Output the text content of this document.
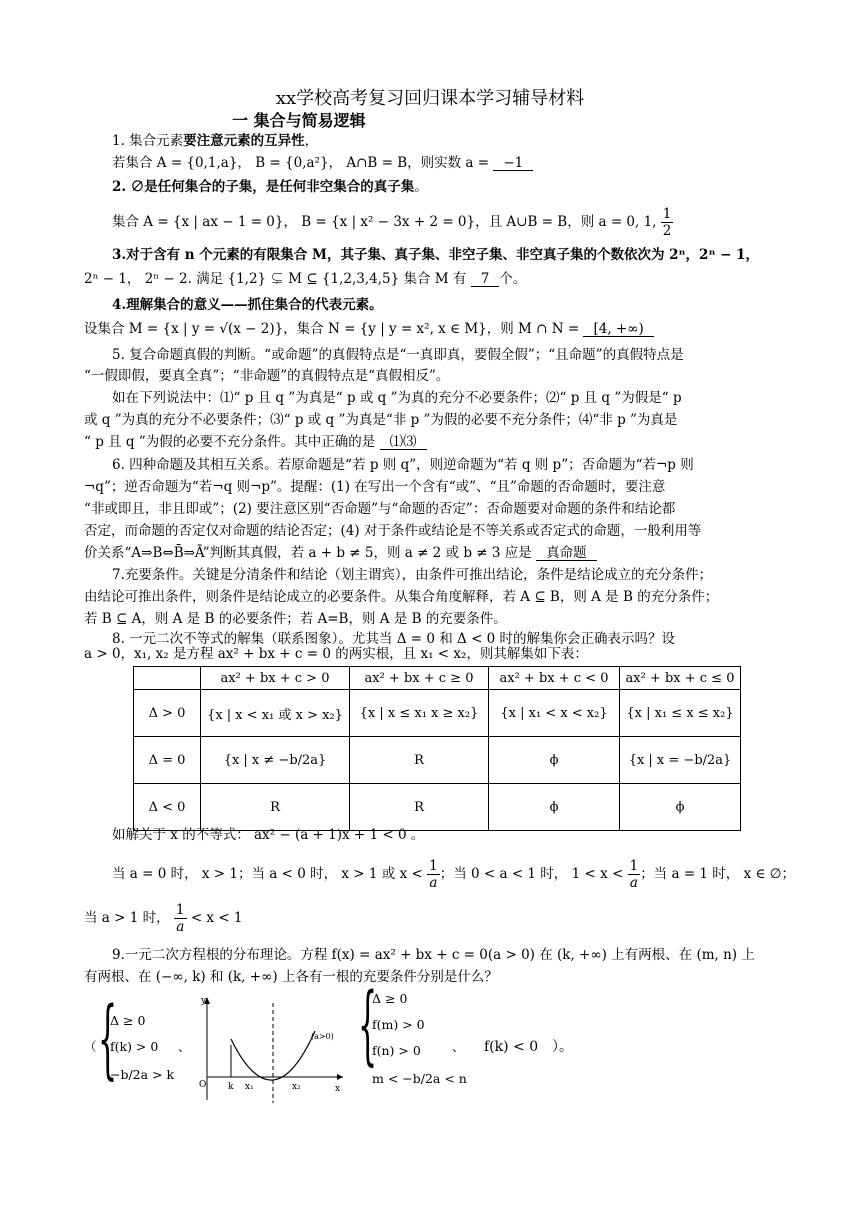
xx学校高考复习回归课本学习辅导材料
一 集合与简易逻辑
1. 集合元素要注意元素的互异性，
若集合 A = {0,1,a}， B = {0,a²}， A∩B = B，则实数 a = −1
2. ∅是任何集合的子集，是任何非空集合的真子集。
集合 A = {x | ax − 1 = 0}， B = {x | x² − 3x + 2 = 0}，且 A∪B = B，则 a = 0, 1, $\frac{1}{2}$
3.对于含有 n 个元素的有限集合 M，其子集、真子集、非空子集、非空真子集的个数依次为 2ⁿ，2ⁿ − 1，
2ⁿ − 1， 2ⁿ − 2. 满足 {1,2} ⊊ M ⊆ {1,2,3,4,5} 集合 M 有 7 个。
4.理解集合的意义——抓住集合的代表元素。
设集合 M = {x | y = √(x − 2)}，集合 N = {y | y = x², x ∈ M}，则 M ∩ N = [4, +∞)
5. 复合命题真假的判断。“或命题”的真假特点是“一真即真，要假全假”；“且命题”的真假特点是
“一假即假，要真全真”；“非命题”的真假特点是“真假相反”。
如在下列说法中：⑴“ p 且 q ”为真是“ p 或 q ”为真的充分不必要条件；⑵“ p 且 q ”为假是“ p
或 q ”为真的充分不必要条件；⑶“ p 或 q ”为真是“非 p ”为假的必要不充分条件；⑷“非 p ”为真是
“ p 且 q ”为假的必要不充分条件。其中正确的是 ⑴⑶
6. 四种命题及其相互关系。若原命题是“若 p 则 q”，则逆命题为“若 q 则 p”；否命题为“若¬p 则
¬q”；逆否命题为“若¬q 则¬p”。提醒：(1) 在写出一个含有“或”、“且”命题的否命题时，要注意
“非或即且，非且即或”；(2) 要注意区别“否命题”与“命题的否定”：否命题要对命题的条件和结论都
否定，而命题的否定仅对命题的结论否定；(4) 对于条件或结论是不等关系或否定式的命题，一般利用等
价关系“A⇒B⇔B̄⇒Ā”判断其真假，若 a + b ≠ 5，则 a ≠ 2 或 b ≠ 3 应是 真命题
7.充要条件。关键是分清条件和结论（划主谓宾），由条件可推出结论，条件是结论成立的充分条件；
由结论可推出条件，则条件是结论成立的必要条件。从集合角度解释，若 A ⊆ B，则 A 是 B 的充分条件；
若 B ⊆ A，则 A 是 B 的必要条件；若 A=B，则 A 是 B 的充要条件。
8. 一元二次不等式的解集（联系图象）。尤其当 Δ = 0 和 Δ < 0 时的解集你会正确表示吗？设
a > 0，x₁, x₂ 是方程 ax² + bx + c = 0 的两实根，且 x₁ < x₂，则其解集如下表：
	ax² + bx + c > 0	ax² + bx + c ≥ 0	ax² + bx + c < 0	ax² + bx + c ≤ 0
Δ > 0	{x | x < x₁ 或 x > x₂}	{x | x ≤ x₁ x ≥ x₂}	{x | x₁ < x < x₂}	{x | x₁ ≤ x ≤ x₂}
Δ = 0	{x | x ≠ −b/2a}	R	ϕ	{x | x = −b/2a}
Δ < 0	R	R	ϕ	ϕ
如解关于 x 的不等式： ax² − (a + 1)x + 1 < 0 。
当 a = 0 时， x > 1；当 a < 0 时， x > 1 或 $x < \frac{1}{a}$ ；当 0 < a < 1 时， $1 < x < \frac{1}{a}$ ；当 a = 1 时， x ∈ ∅；
当 a > 1 时， $\frac{1}{a} < x < 1$
9.一元二次方程根的分布理论。方程 f(x) = ax² + bx + c = 0(a > 0) 在 (k, +∞) 上有两根、在 (m, n) 上
有两根、在 (−∞, k) 和 (k, +∞) 上各有一根的充要条件分别是什么？
（ {
Δ ≥ 0
f(k) > 0
−b/2a > k
、
y
O k x₁	x₂	x
(a>0) {
Δ ≥ 0
f(m) > 0
f(n) > 0
m < −b/2a < n
、 f(k) < 0 ）。
